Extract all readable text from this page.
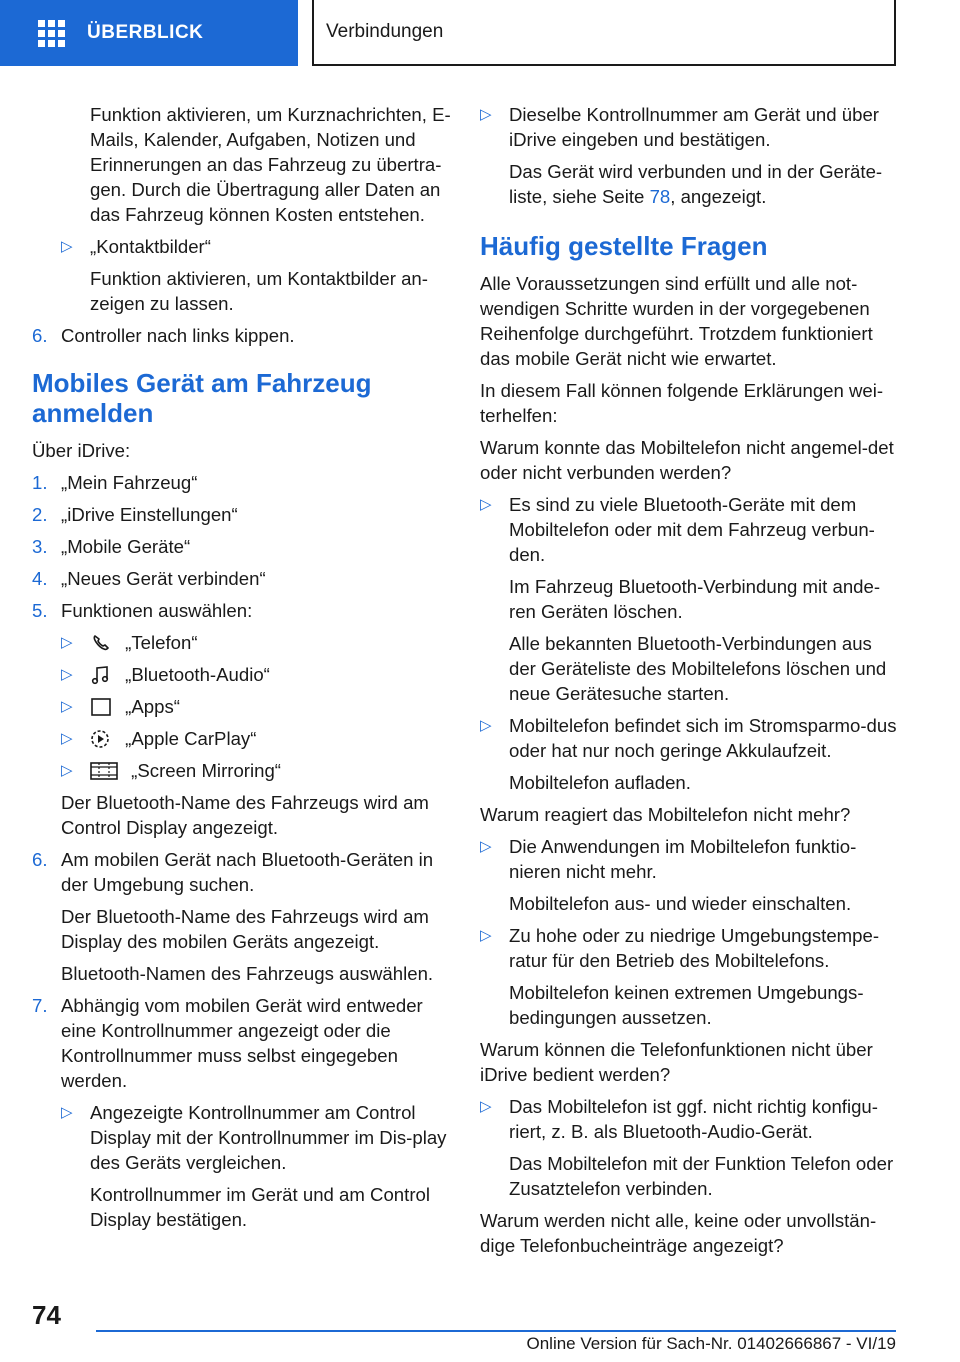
ÜBERBLICK	Verbindungen
Funktion aktivieren, um Kurznachrichten, E-Mails, Kalender, Aufgaben, Notizen und Erinnerungen an das Fahrzeug zu übertra-gen. Durch die Übertragung aller Daten an das Fahrzeug können Kosten entstehen.
▷ „Kontaktbilder“
Funktion aktivieren, um Kontaktbilder an-zeigen zu lassen.
6. Controller nach links kippen.
Mobiles Gerät am Fahrzeug anmelden
Über iDrive:
1. „Mein Fahrzeug“
2. „iDrive Einstellungen“
3. „Mobile Geräte“
4. „Neues Gerät verbinden“
5. Funktionen auswählen:
▷	„Telefon“
▷	„Bluetooth-Audio“
▷	„Apps“
▷	„Apple CarPlay“
▷	„Screen Mirroring“
Der Bluetooth-Name des Fahrzeugs wird am Control Display angezeigt.
6. Am mobilen Gerät nach Bluetooth-Geräten in der Umgebung suchen.
Der Bluetooth-Name des Fahrzeugs wird am Display des mobilen Geräts angezeigt.
Bluetooth-Namen des Fahrzeugs auswählen.
7. Abhängig vom mobilen Gerät wird entweder eine Kontrollnummer angezeigt oder die Kontrollnummer muss selbst eingegeben werden.
▷ Angezeigte Kontrollnummer am Control Display mit der Kontrollnummer im Dis-play des Geräts vergleichen.
Kontrollnummer im Gerät und am Control Display bestätigen.
▷ Dieselbe Kontrollnummer am Gerät und über iDrive eingeben und bestätigen.
Das Gerät wird verbunden und in der Geräte-liste, siehe Seite 78, angezeigt.
Häufig gestellte Fragen
Alle Voraussetzungen sind erfüllt und alle not-wendigen Schritte wurden in der vorgegebenen Reihenfolge durchgeführt. Trotzdem funktioniert das mobile Gerät nicht wie erwartet.
In diesem Fall können folgende Erklärungen wei-terhelfen:
Warum konnte das Mobiltelefon nicht angemel-det oder nicht verbunden werden?
▷ Es sind zu viele Bluetooth-Geräte mit dem Mobiltelefon oder mit dem Fahrzeug verbun-den.
Im Fahrzeug Bluetooth-Verbindung mit ande-ren Geräten löschen.
Alle bekannten Bluetooth-Verbindungen aus der Geräteliste des Mobiltelefons löschen und neue Gerätesuche starten.
▷ Mobiltelefon befindet sich im Stromsparmo-dus oder hat nur noch geringe Akkulaufzeit.
Mobiltelefon aufladen.
Warum reagiert das Mobiltelefon nicht mehr?
▷ Die Anwendungen im Mobiltelefon funktio-nieren nicht mehr.
Mobiltelefon aus- und wieder einschalten.
▷ Zu hohe oder zu niedrige Umgebungstempe-ratur für den Betrieb des Mobiltelefons.
Mobiltelefon keinen extremen Umgebungs-bedingungen aussetzen.
Warum können die Telefonfunktionen nicht über iDrive bedient werden?
▷ Das Mobiltelefon ist ggf. nicht richtig konfigu-riert, z. B. als Bluetooth-Audio-Gerät.
Das Mobiltelefon mit der Funktion Telefon oder Zusatztelefon verbinden.
Warum werden nicht alle, keine oder unvollstän-dige Telefonbucheinträge angezeigt?
74
Online Version für Sach-Nr. 01402666867 - VI/19
